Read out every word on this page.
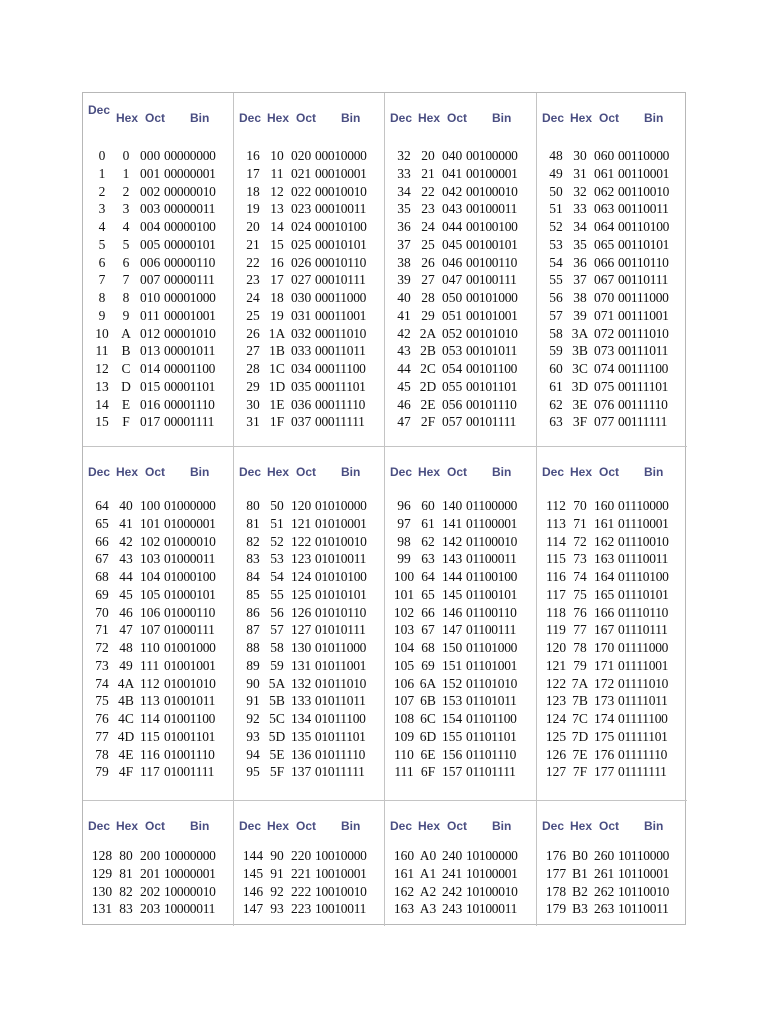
Dec
Hex Oct Bin
0	0 000 00000000
1	1 001 00000001
2	2 002 00000010
3	3 003 00000011
4	4 004 00000100
5	5 005 00000101
6	6 006 00000110
7	7 007 00000111
8	8 010 00001000
9	9 011 00001001
10 A 012 00001010
11 B 013 00001011
12 C 014 00001100
13 D 015 00001101
14 E 016 00001110
15 F 017 00001111
Dec Hex Oct Bin
16 10 020 00010000
17 11 021 00010001
18 12 022 00010010
19 13 023 00010011
20 14 024 00010100
21 15 025 00010101
22 16 026 00010110
23 17 027 00010111
24 18 030 00011000
25 19 031 00011001
26 1A 032 00011010
27 1B 033 00011011
28 1C 034 00011100
29 1D 035 00011101
30 1E 036 00011110
31 1F 037 00011111
Dec Hex Oct Bin
32 20 040 00100000
33 21 041 00100001
34 22 042 00100010
35 23 043 00100011
36 24 044 00100100
37 25 045 00100101
38 26 046 00100110
39 27 047 00100111
40 28 050 00101000
41 29 051 00101001
42 2A 052 00101010
43 2B 053 00101011
44 2C 054 00101100
45 2D 055 00101101
46 2E 056 00101110
47 2F 057 00101111
Dec Hex Oct Bin
48 30 060 00110000
49 31 061 00110001
50 32 062 00110010
51 33 063 00110011
52 34 064 00110100
53 35 065 00110101
54 36 066 00110110
55 37 067 00110111
56 38 070 00111000
57 39 071 00111001
58 3A 072 00111010
59 3B 073 00111011
60 3C 074 00111100
61 3D 075 00111101
62 3E 076 00111110
63 3F 077 00111111
Dec Hex Oct Bin
64 40 100 01000000
65 41 101 01000001
66 42 102 01000010
67 43 103 01000011
68 44 104 01000100
69 45 105 01000101
70 46 106 01000110
71 47 107 01000111
72 48 110 01001000
73 49 111 01001001
74 4A 112 01001010
75 4B 113 01001011
76 4C 114 01001100
77 4D 115 01001101
78 4E 116 01001110
79 4F 117 01001111
Dec Hex Oct Bin
80 50 120 01010000
81 51 121 01010001
82 52 122 01010010
83 53 123 01010011
84 54 124 01010100
85 55 125 01010101
86 56 126 01010110
87 57 127 01010111
88 58 130 01011000
89 59 131 01011001
90 5A 132 01011010
91 5B 133 01011011
92 5C 134 01011100
93 5D 135 01011101
94 5E 136 01011110
95 5F 137 01011111
Dec Hex Oct Bin
96 60 140 01100000
97 61 141 01100001
98 62 142 01100010
99 63 143 01100011
100 64 144 01100100
101 65 145 01100101
102 66 146 01100110
103 67 147 01100111
104 68 150 01101000
105 69 151 01101001
106 6A 152 01101010
107 6B 153 01101011
108 6C 154 01101100
109 6D 155 01101101
110 6E 156 01101110
111 6F 157 01101111
Dec Hex Oct Bin
112 70 160 01110000
113 71 161 01110001
114 72 162 01110010
115 73 163 01110011
116 74 164 01110100
117 75 165 01110101
118 76 166 01110110
119 77 167 01110111
120 78 170 01111000
121 79 171 01111001
122 7A 172 01111010
123 7B 173 01111011
124 7C 174 01111100
125 7D 175 01111101
126 7E 176 01111110
127 7F 177 01111111
Dec Hex Oct Bin
128 80 200 10000000
129 81 201 10000001
130 82 202 10000010
131 83 203 10000011
Dec Hex Oct Bin
144 90 220 10010000
145 91 221 10010001
146 92 222 10010010
147 93 223 10010011
Dec Hex Oct Bin
160 A0 240 10100000
161 A1 241 10100001
162 A2 242 10100010
163 A3 243 10100011
Dec Hex Oct Bin
176 B0 260 10110000
177 B1 261 10110001
178 B2 262 10110010
179 B3 263 10110011
